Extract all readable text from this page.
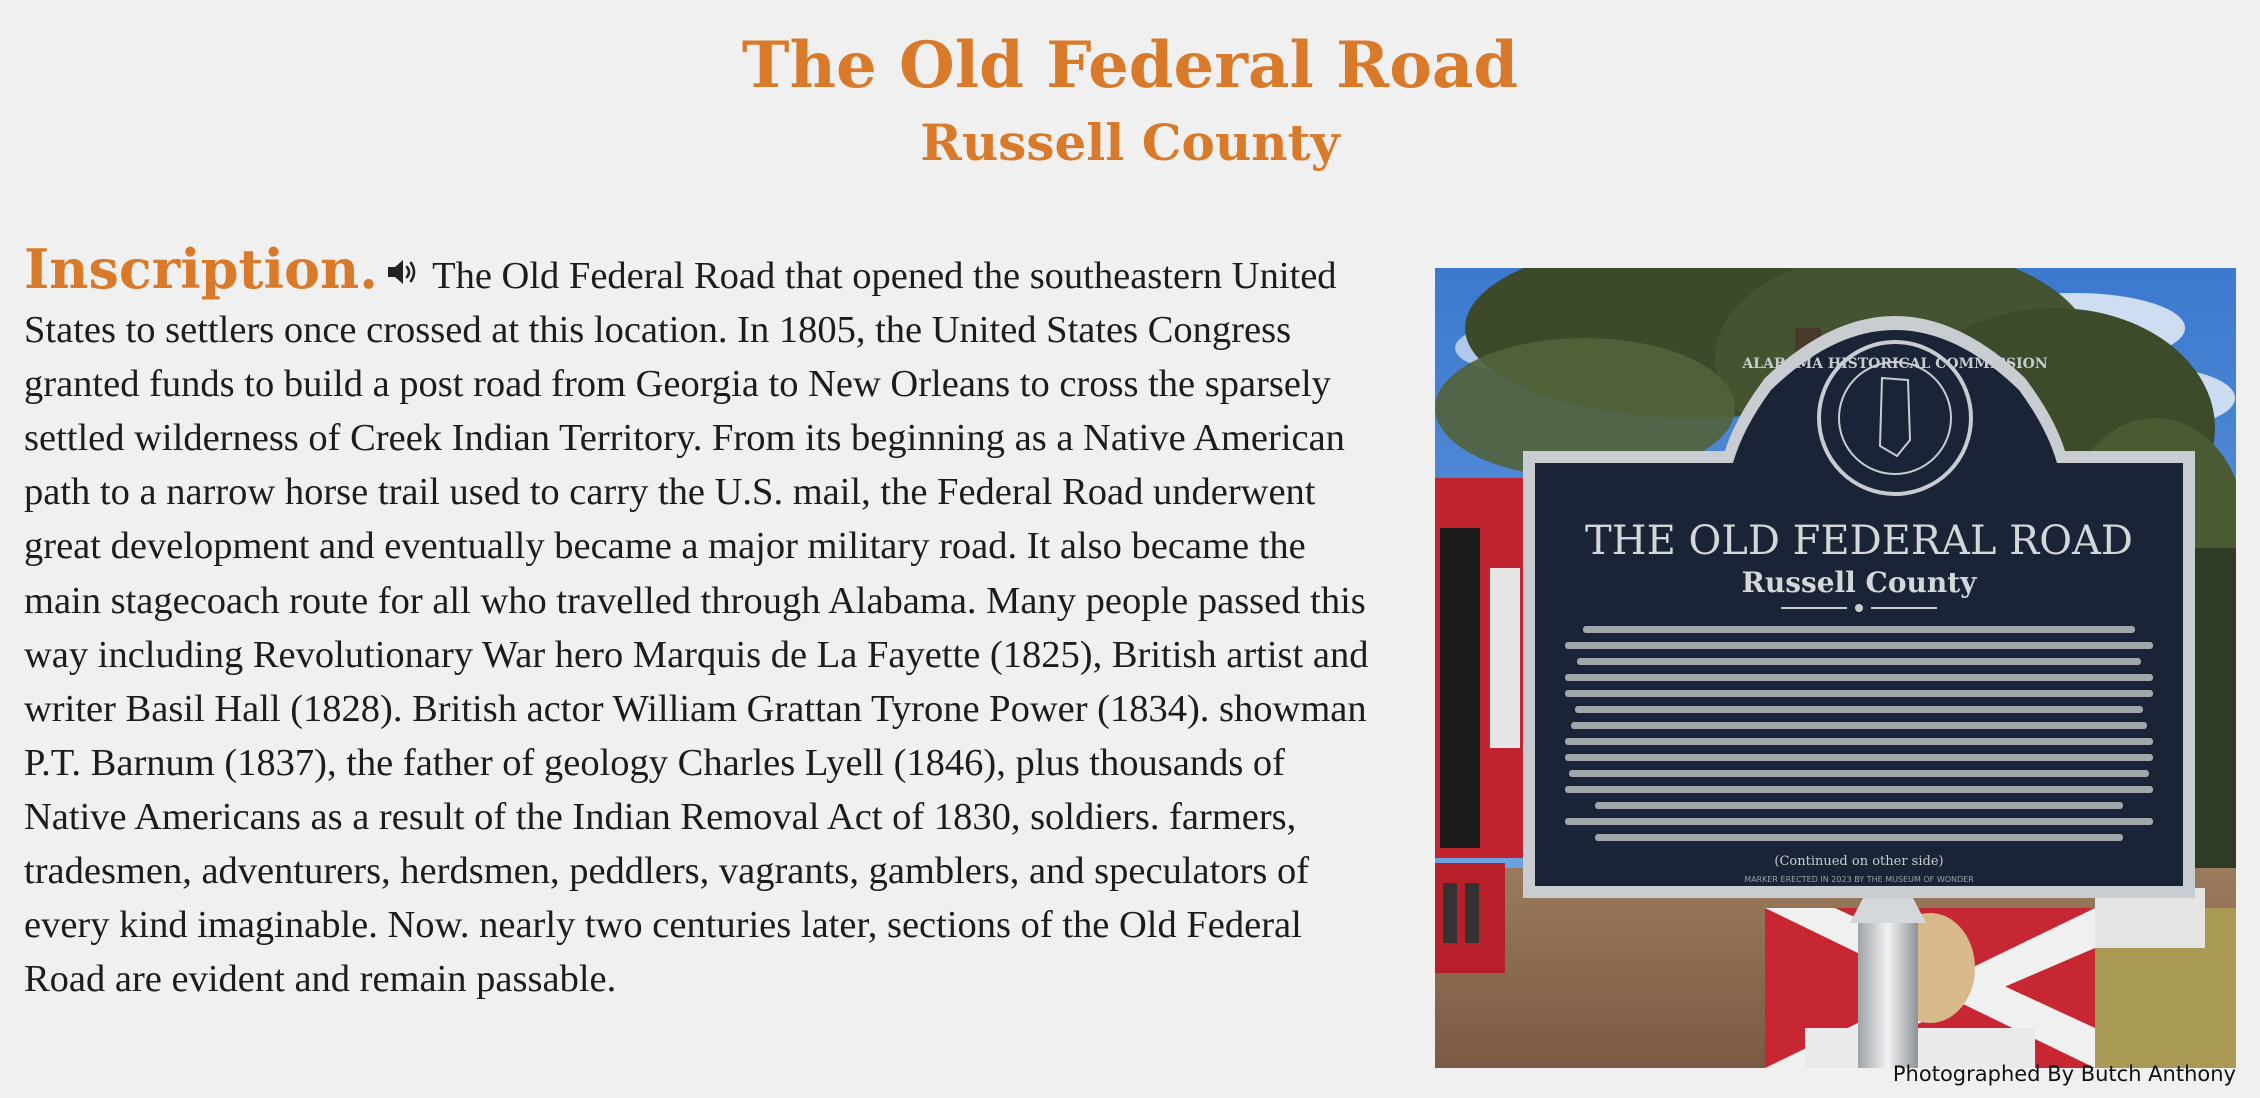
The Old Federal Road
Russell County
Inscription. The Old Federal Road that opened the southeastern United States to settlers once crossed at this location. In 1805, the United States Congress granted funds to build a post road from Georgia to New Orleans to cross the sparsely settled wilderness of Creek Indian Territory. From its beginning as a Native American path to a narrow horse trail used to carry the U.S. mail, the Federal Road underwent great development and eventually became a major military road. It also became the main stagecoach route for all who travelled through Alabama. Many people passed this way including Revolutionary War hero Marquis de La Fayette (1825), British artist and writer Basil Hall (1828). British actor William Grattan Tyrone Power (1834). showman P.T. Barnum (1837), the father of geology Charles Lyell (1846), plus thousands of Native Americans as a result of the Indian Removal Act of 1830, soldiers. farmers, tradesmen, adventurers, herdsmen, peddlers, vagrants, gamblers, and speculators of every kind imaginable. Now. nearly two centuries later, sections of the Old Federal Road are evident and remain passable.
ALABAMA HISTORICAL COMMISSION
THE OLD FEDERAL ROAD
Russell County
(Continued on other side)
MARKER ERECTED IN 2023 BY THE MUSEUM OF WONDER
Photographed By Butch Anthony
